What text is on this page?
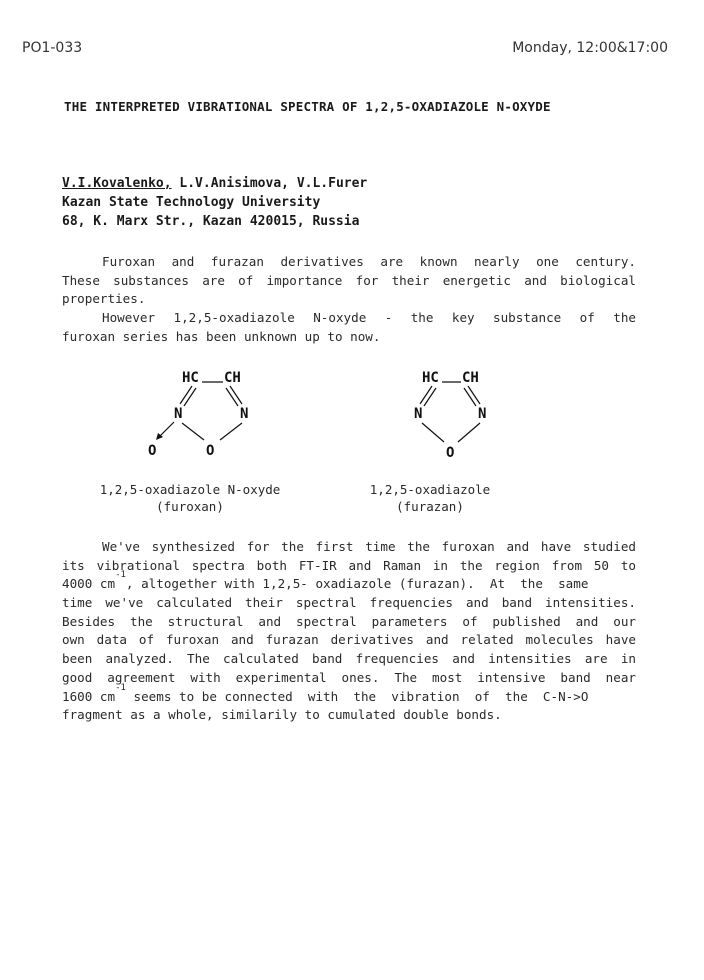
PO1-033	Monday, 12:00&17:00
THE INTERPRETED VIBRATIONAL SPECTRA OF 1,2,5-OXADIAZOLE N-OXYDE
V.I.Kovalenko, L.V.Anisimova, V.L.Furer
Kazan State Technology University
68, K. Marx Str., Kazan 420015, Russia
Furoxan and furazan derivatives are known nearly one century.
These substances are of importance for their energetic and biological
properties.
However 1,2,5-oxadiazole N-oxyde - the key substance of the
furoxan series has been unknown up to now.
HC CH
N	N
O
O
HC CH
N	N
O
1,2,5-oxadiazole N-oxyde
(furoxan)
1,2,5-oxadiazole
(furazan)
We've synthesized for the first time the furoxan and have studied
its vibrational spectra both FT-IR and Raman in the region from 50 to
4000 cm
-1
, altogether with 1,2,5- oxadiazole (furazan).  At  the  same
time we've calculated their spectral frequencies and band intensities.
Besides the structural and spectral parameters of published and our
own data of furoxan and furazan derivatives and related molecules have
been analyzed. The calculated band frequencies and intensities are in
good agreement with experimental ones. The most intensive band near
1600 cm
-1
seems to be connected  with  the  vibration  of  the  C-N->O
fragment as a whole, similarily to cumulated double bonds.
